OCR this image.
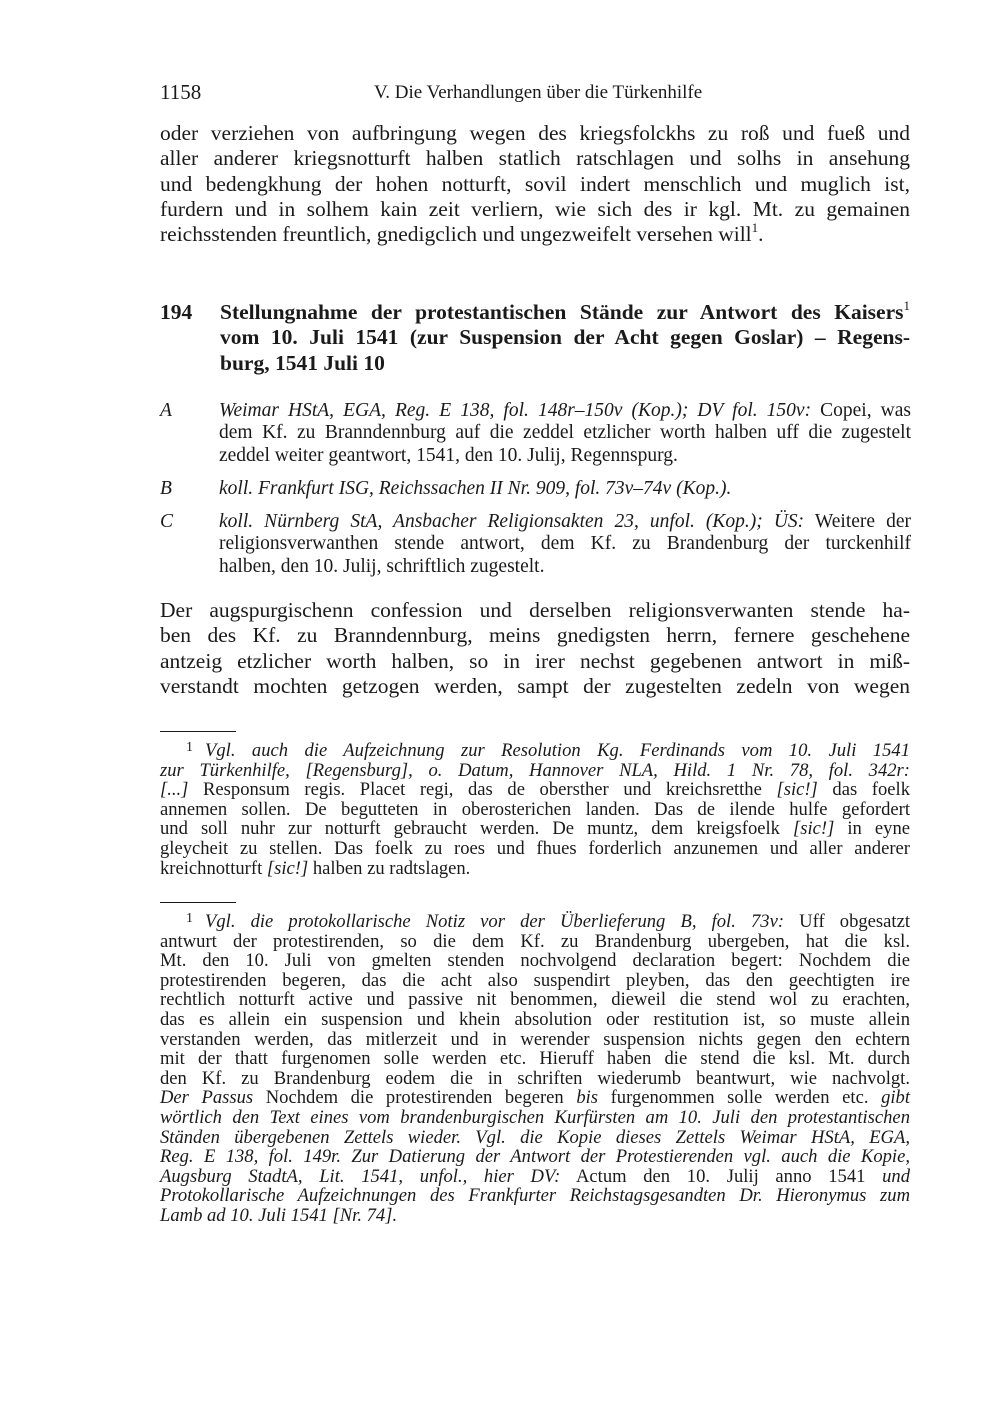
1158	V. Die Verhandlungen über die Türkenhilfe
oder verziehen von aufbringung wegen des kriegsfolckhs zu roß und fueß und
aller anderer kriegsnotturft halben statlich ratschlagen und solhs in ansehung
und bedengkhung der hohen notturft, sovil indert menschlich und muglich ist,
furdern und in solhem kain zeit verliern, wie sich des ir kgl. Mt. zu gemainen
reichsstenden freuntlich, gnedigclich und ungezweifelt versehen will$^1$.
194 Stellungnahme der protestantischen Stände zur Antwort des Kaisers$^1$
vom 10. Juli 1541 (zur Suspension der Acht gegen Goslar) – Regens-
burg, 1541 Juli 10
A Weimar HStA, EGA, Reg. E 138, fol. 148r–150v (Kop.); DV fol. 150v: Copei, was
dem Kf. zu Branndennburg auf die zeddel etzlicher worth halben uff die zugestelt
zeddel weiter geantwort, 1541, den 10. Julij, Regennspurg.
B koll. Frankfurt ISG, Reichssachen II Nr. 909, fol. 73v–74v (Kop.).
C koll. Nürnberg StA, Ansbacher Religionsakten 23, unfol. (Kop.); ÜS: Weitere der
religionsverwanthen stende antwort, dem Kf. zu Brandenburg der turckenhilf
halben, den 10. Julij, schriftlich zugestelt.
Der augspurgischenn confession und derselben religionsverwanten stende ha-
ben des Kf. zu Branndennburg, meins gnedigsten herrn, fernere geschehene
antzeig etzlicher worth halben, so in irer nechst gegebenen antwort in miß-
verstandt mochten getzogen werden, sampt der zugestelten zedeln von wegen
$^1$ Vgl. auch die Aufzeichnung zur Resolution Kg. Ferdinands vom 10. Juli 1541
zur Türkenhilfe, [Regensburg], o. Datum, Hannover NLA, Hild. 1 Nr. 78, fol. 342r:
[...] Responsum regis. Placet regi, das de obersther und kreichsretthe [sic!] das foelk
annemen sollen. De begutteten in oberosterichen landen. Das de ilende hulfe gefordert
und soll nuhr zur notturft gebraucht werden. De muntz, dem kreigsfoelk [sic!] in eyne
gleycheit zu stellen. Das foelk zu roes und fhues forderlich anzunemen und aller anderer
kreichnotturft [sic!] halben zu radtslagen.
$^1$ Vgl. die protokollarische Notiz vor der Überlieferung B, fol. 73v: Uff obgesatzt
antwurt der protestirenden, so die dem Kf. zu Brandenburg ubergeben, hat die ksl.
Mt. den 10. Juli von gmelten stenden nochvolgend declaration begert: Nochdem die
protestirenden begeren, das die acht also suspendirt pleyben, das den geechtigten ire
rechtlich notturft active und passive nit benommen, dieweil die stend wol zu erachten,
das es allein ein suspension und khein absolution oder restitution ist, so muste allein
verstanden werden, das mitlerzeit und in werender suspension nichts gegen den echtern
mit der thatt furgenomen solle werden etc. Hieruff haben die stend die ksl. Mt. durch
den Kf. zu Brandenburg eodem die in schriften wiederumb beantwurt, wie nachvolgt.
Der Passus Nochdem die protestirenden begeren bis furgenommen solle werden etc. gibt
wörtlich den Text eines vom brandenburgischen Kurfürsten am 10. Juli den protestantischen
Ständen übergebenen Zettels wieder. Vgl. die Kopie dieses Zettels Weimar HStA, EGA,
Reg. E 138, fol. 149r. Zur Datierung der Antwort der Protestierenden vgl. auch die Kopie,
Augsburg StadtA, Lit. 1541, unfol., hier DV: Actum den 10. Julij anno 1541 und
Protokollarische Aufzeichnungen des Frankfurter Reichstagsgesandten Dr. Hieronymus zum
Lamb ad 10. Juli 1541 [Nr. 74].
